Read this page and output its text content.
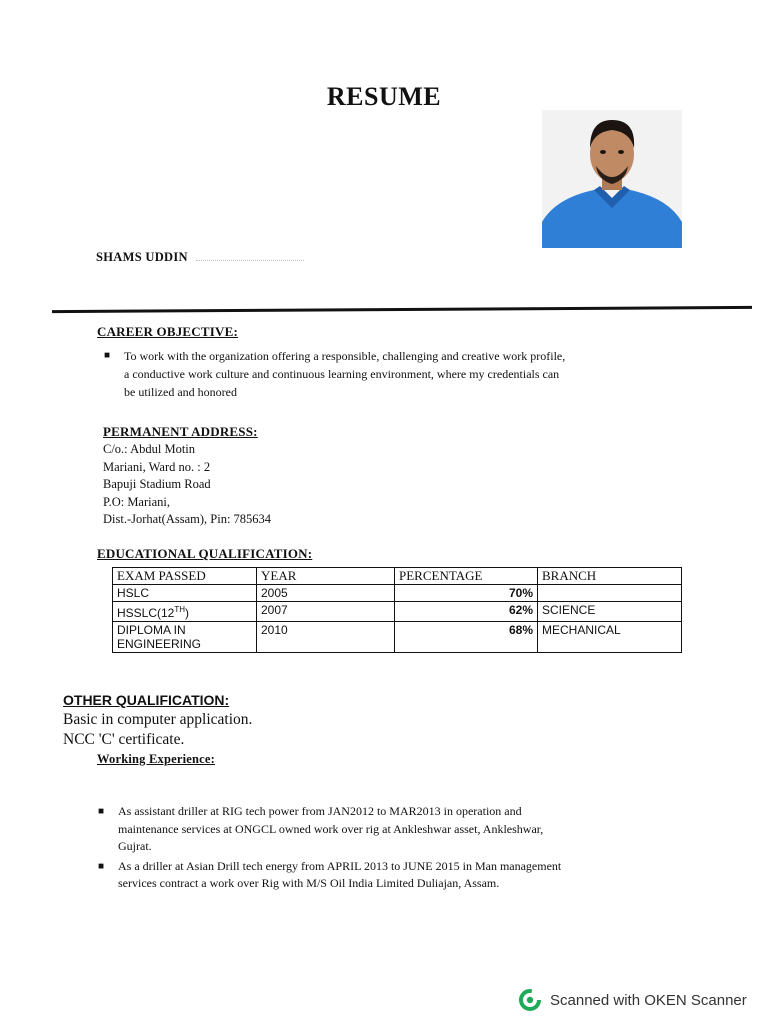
RESUME
SHAMS UDDIN
CAREER OBJECTIVE:
■	To work with the organization offering a responsible, challenging and creative work profile,
a conductive work culture and continuous learning environment, where my credentials can
be utilized and honored
PERMANENT ADDRESS:
C/o.: Abdul Motin
Mariani, Ward no. : 2
Bapuji Stadium Road
P.O: Mariani,
Dist.-Jorhat(Assam), Pin: 785634
EDUCATIONAL QUALIFICATION:
EXAM PASSED	YEAR	PERCENTAGE	BRANCH
HSLC	2005	70%	
HSSLC(12TH)	2007	62%	SCIENCE
DIPLOMA IN ENGINEERING	2010	68%	MECHANICAL
OTHER QUALIFICATION:
Basic in computer application.
NCC 'C' certificate.
Working Experience:
■	As assistant driller at RIG tech power from JAN2012 to MAR2013 in operation and
maintenance services at ONGCL owned work over rig at Ankleshwar asset, Ankleshwar,
Gujrat.
■	As a driller at Asian Drill tech energy from APRIL 2013 to JUNE 2015 in Man management
services contract a work over Rig with M/S Oil India Limited Duliajan, Assam.
Scanned with OKEN Scanner
